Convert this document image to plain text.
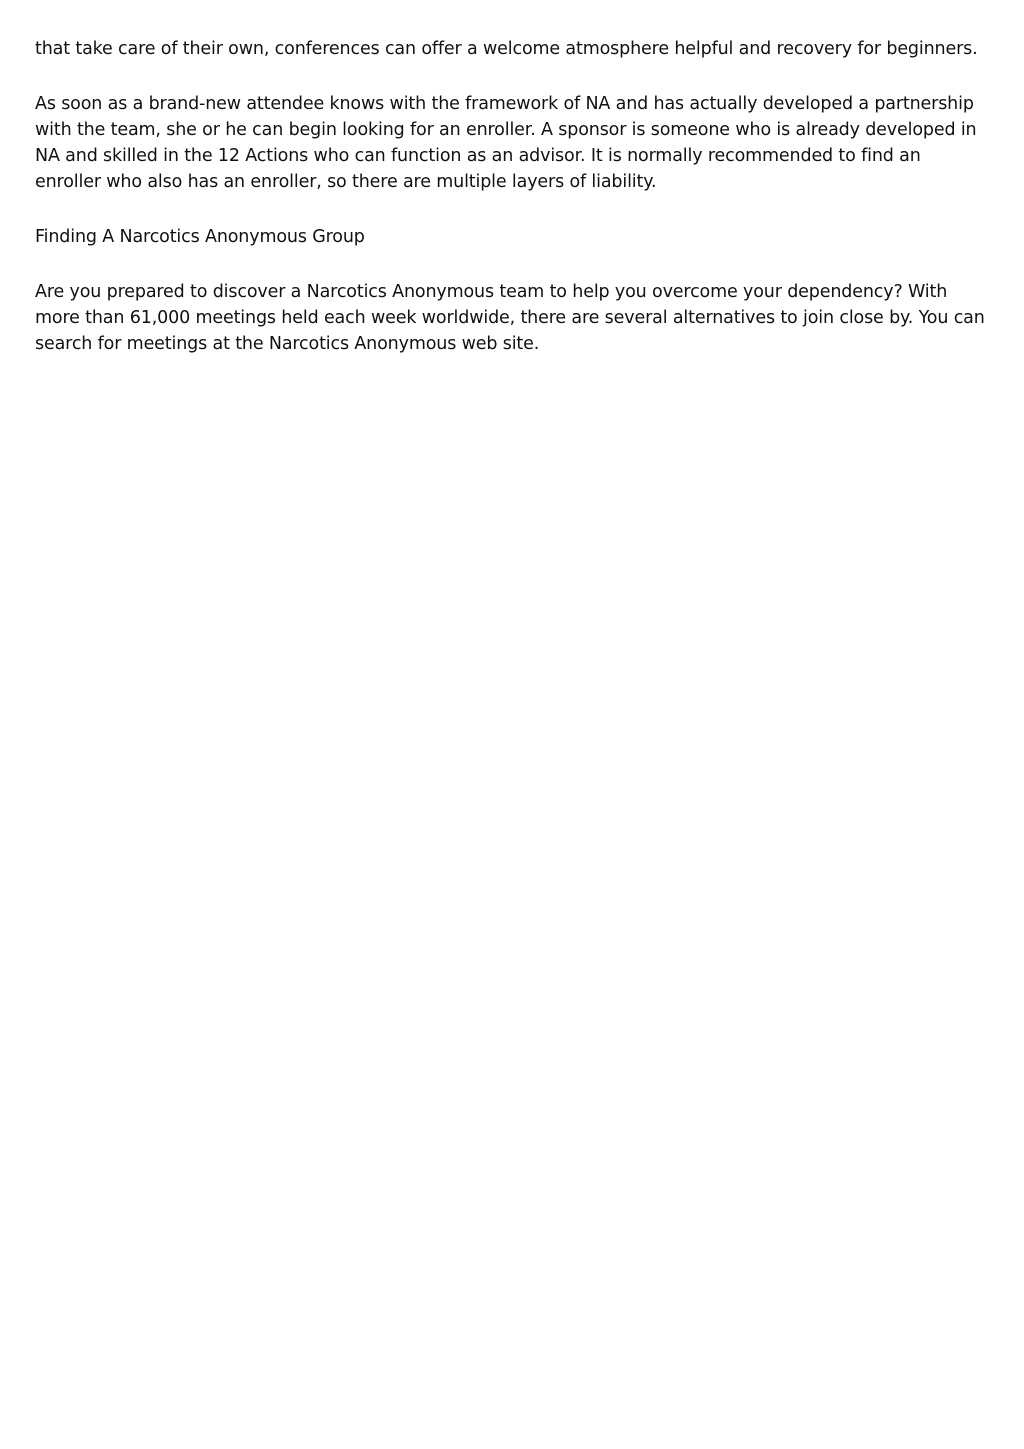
that take care of their own, conferences can offer a welcome atmosphere helpful and recovery for beginners.

As soon as a brand-new attendee knows with the framework of NA and has actually developed a partnership with the team, she or he can begin looking for an enroller. A sponsor is someone who is already developed in NA and skilled in the 12 Actions who can function as an advisor. It is normally recommended to find an enroller who also has an enroller, so there are multiple layers of liability.

Finding A Narcotics Anonymous Group

Are you prepared to discover a Narcotics Anonymous team to help you overcome your dependency? With more than 61,000 meetings held each week worldwide, there are several alternatives to join close by. You can search for meetings at the Narcotics Anonymous web site.
